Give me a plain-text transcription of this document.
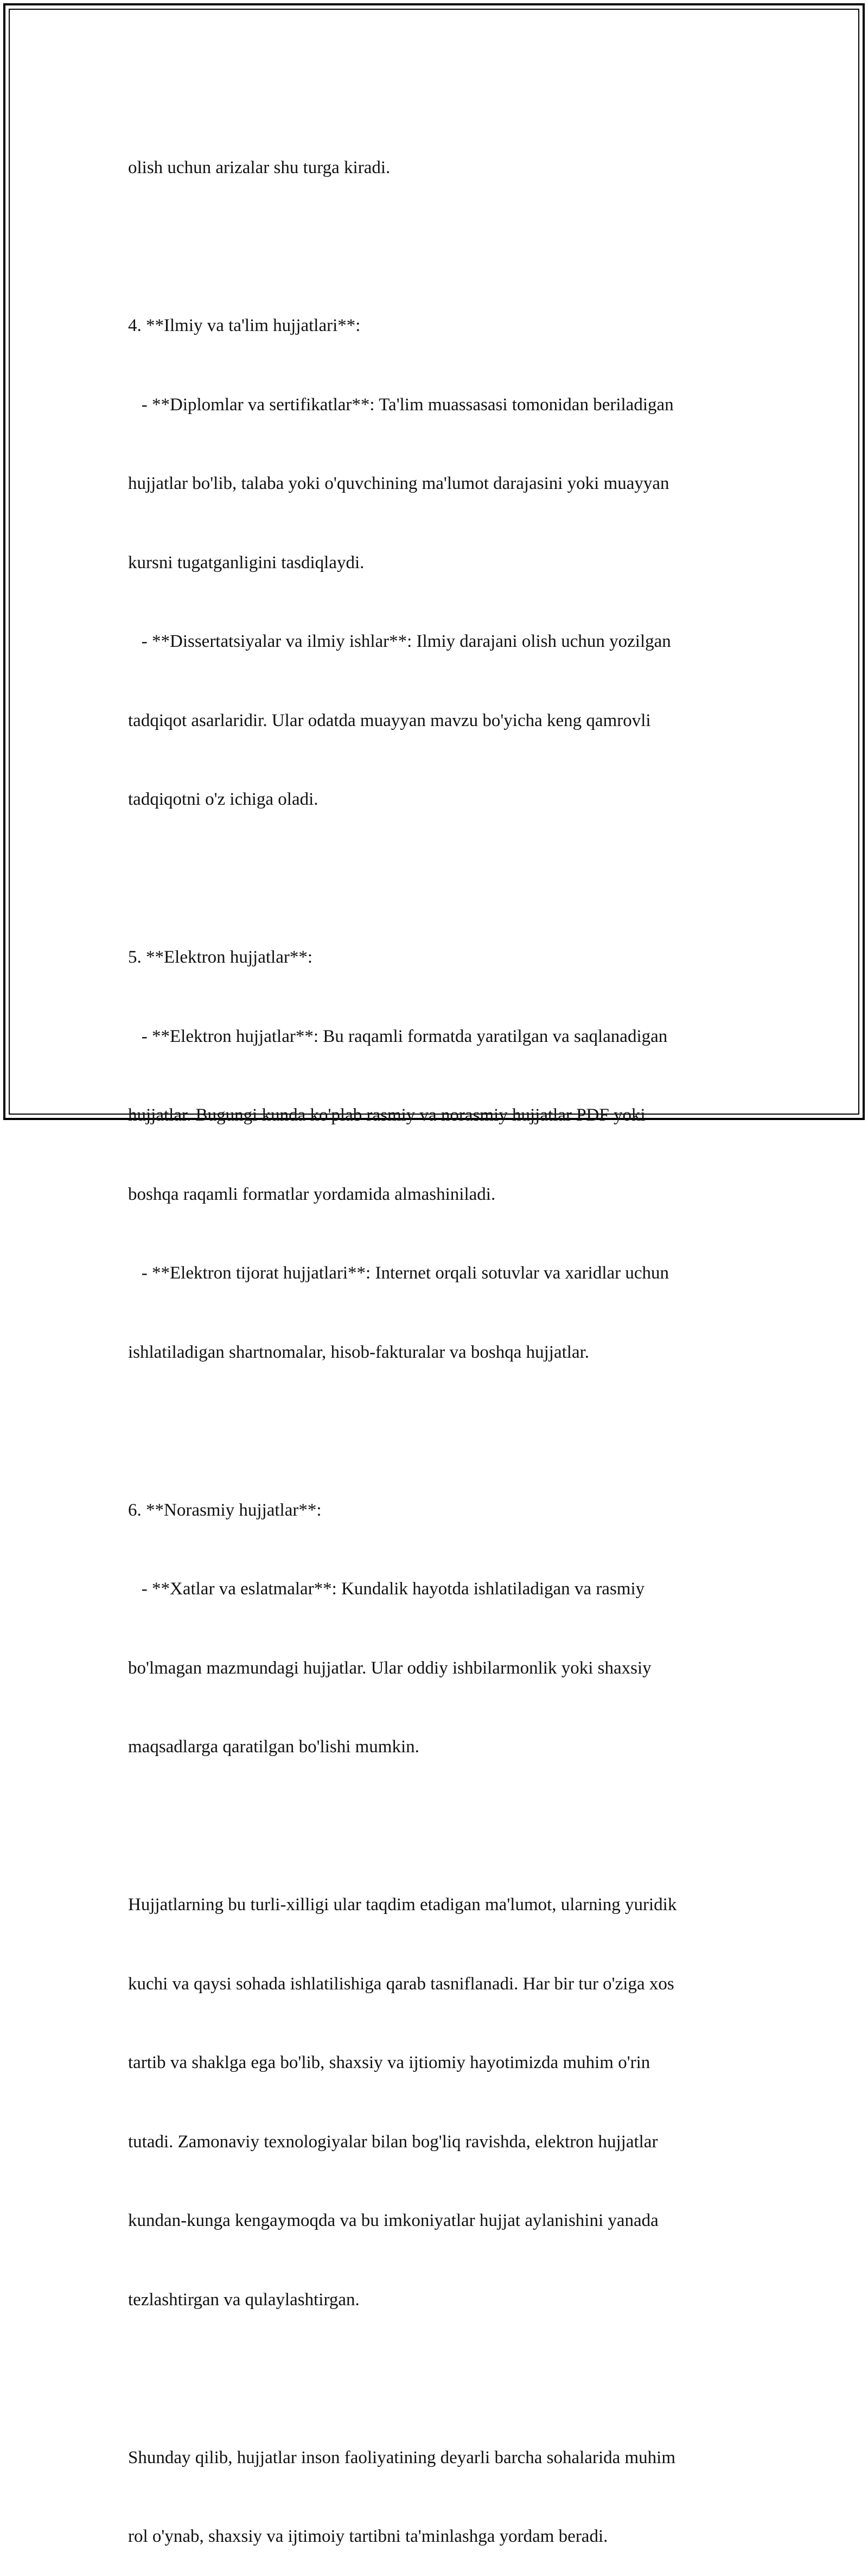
olish uchun arizalar shu turga kiradi.

4. **Ilmiy va ta'lim hujjatlari**:

- **Diplomlar va sertifikatlar**: Ta'lim muassasasi tomonidan beriladigan

hujjatlar bo'lib, talaba yoki o'quvchining ma'lumot darajasini yoki muayyan

kursni tugatganligini tasdiqlaydi.

- **Dissertatsiyalar va ilmiy ishlar**: Ilmiy darajani olish uchun yozilgan

tadqiqot asarlaridir. Ular odatda muayyan mavzu bo'yicha keng qamrovli

tadqiqotni o'z ichiga oladi.

5. **Elektron hujjatlar**:

- **Elektron hujjatlar**: Bu raqamli formatda yaratilgan va saqlanadigan

hujjatlar. Bugungi kunda ko'plab rasmiy va norasmiy hujjatlar PDF yoki

boshqa raqamli formatlar yordamida almashiniladi.

- **Elektron tijorat hujjatlari**: Internet orqali sotuvlar va xaridlar uchun

ishlatiladigan shartnomalar, hisob-fakturalar va boshqa hujjatlar.

6. **Norasmiy hujjatlar**:

- **Xatlar va eslatmalar**: Kundalik hayotda ishlatiladigan va rasmiy

bo'lmagan mazmundagi hujjatlar. Ular oddiy ishbilarmonlik yoki shaxsiy

maqsadlarga qaratilgan bo'lishi mumkin.

Hujjatlarning bu turli-xilligi ular taqdim etadigan ma'lumot, ularning yuridik

kuchi va qaysi sohada ishlatilishiga qarab tasniflanadi. Har bir tur o'ziga xos

tartib va shaklga ega bo'lib, shaxsiy va ijtiomiy hayotimizda muhim o'rin

tutadi. Zamonaviy texnologiyalar bilan bog'liq ravishda, elektron hujjatlar

kundan-kunga kengaymoqda va bu imkoniyatlar hujjat aylanishini yanada

tezlashtirgan va qulaylashtirgan.

Shunday qilib, hujjatlar inson faoliyatining deyarli barcha sohalarida muhim

rol o'ynab, shaxsiy va ijtimoiy tartibni ta'minlashga yordam beradi.
